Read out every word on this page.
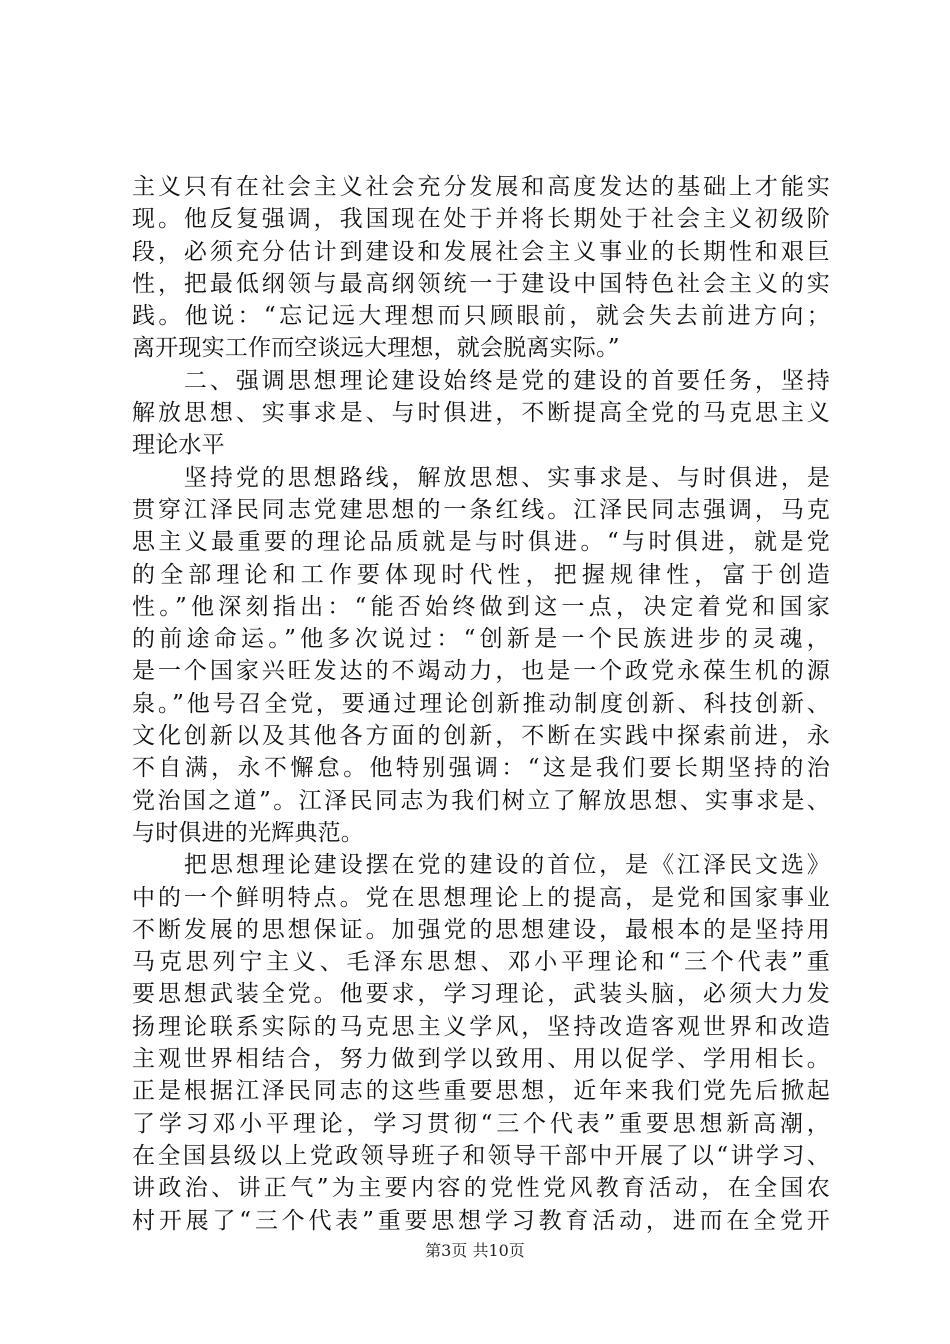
主义只有在社会主义社会充分发展和高度发达的基础上才能实
现。他反复强调，我国现在处于并将长期处于社会主义初级阶
段，必须充分估计到建设和发展社会主义事业的长期性和艰巨
性，把最低纲领与最高纲领统一于建设中国特色社会主义的实
践。他说：“忘记远大理想而只顾眼前，就会失去前进方向；
离开现实工作而空谈远大理想，就会脱离实际。”
　　二、强调思想理论建设始终是党的建设的首要任务，坚持
解放思想、实事求是、与时俱进，不断提高全党的马克思主义
理论水平
　　坚持党的思想路线，解放思想、实事求是、与时俱进，是
贯穿江泽民同志党建思想的一条红线。江泽民同志强调，马克
思主义最重要的理论品质就是与时俱进。“与时俱进，就是党
的全部理论和工作要体现时代性，把握规律性，富于创造
性。”他深刻指出：“能否始终做到这一点，决定着党和国家
的前途命运。”他多次说过：“创新是一个民族进步的灵魂，
是一个国家兴旺发达的不竭动力，也是一个政党永葆生机的源
泉。”他号召全党，要通过理论创新推动制度创新、科技创新、
文化创新以及其他各方面的创新，不断在实践中探索前进，永
不自满，永不懈怠。他特别强调：“这是我们要长期坚持的治
党治国之道”。江泽民同志为我们树立了解放思想、实事求是、
与时俱进的光辉典范。
　　把思想理论建设摆在党的建设的首位，是《江泽民文选》
中的一个鲜明特点。党在思想理论上的提高，是党和国家事业
不断发展的思想保证。加强党的思想建设，最根本的是坚持用
马克思列宁主义、毛泽东思想、邓小平理论和“三个代表”重
要思想武装全党。他要求，学习理论，武装头脑，必须大力发
扬理论联系实际的马克思主义学风，坚持改造客观世界和改造
主观世界相结合，努力做到学以致用、用以促学、学用相长。
正是根据江泽民同志的这些重要思想，近年来我们党先后掀起
了学习邓小平理论，学习贯彻“三个代表”重要思想新高潮，
在全国县级以上党政领导班子和领导干部中开展了以“讲学习、
讲政治、讲正气”为主要内容的党性党风教育活动，在全国农
村开展了“三个代表”重要思想学习教育活动，进而在全党开
第3页 共10页
